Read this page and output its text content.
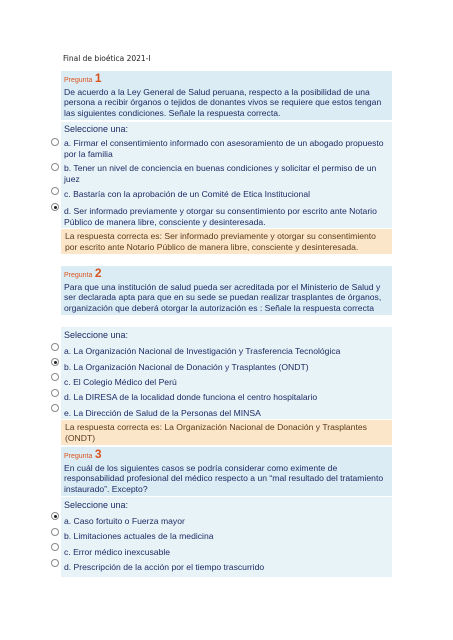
Final de bioética 2021-I
Pregunta 1
De acuerdo a la Ley General de Salud peruana, respecto a la posibilidad de una persona a recibir órganos o tejidos de donantes vivos se requiere que estos tengan las siguientes condiciones. Señale la respuesta correcta.
Seleccione una:
a. Firmar el consentimiento informado con asesoramiento de un abogado propuesto por la familia
b. Tener un nivel de conciencia en buenas condiciones y solicitar el permiso de un juez
c. Bastaría con la aprobación de un Comité de Etica Institucional
d. Ser informado previamente y otorgar su consentimiento por escrito ante Notario Público de manera libre, consciente y desinteresada.
La respuesta correcta es: Ser informado previamente y otorgar su consentimiento por escrito ante Notario Público de manera libre, consciente y desinteresada.
Pregunta 2
Para que una institución de salud pueda ser acreditada por el Ministerio de Salud y ser declarada apta para que en su sede se puedan realizar trasplantes de órganos, organización que deberá otorgar la autorización es : Señale la respuesta correcta
Seleccione una:
a. La Organización Nacional de Investigación y Trasferencia Tecnológica
b. La Organización Nacional de Donación y Trasplantes (ONDT)
c. El Colegio Médico del Perú
d. La DIRESA de la localidad donde funciona el centro hospitalario
e. La Dirección de Salud de la Personas del MINSA
La respuesta correcta es: La Organización Nacional de Donación y Trasplantes (ONDT)
Pregunta 3
En cuál de los siguientes casos se podría considerar como eximente de responsabilidad profesional del médico respecto a un “mal resultado del tratamiento instaurado”. Excepto?
Seleccione una:
a. Caso fortuito o Fuerza mayor
b. Limitaciones actuales de la medicina
c. Error médico inexcusable
d. Prescripción de la acción por el tiempo trascurrido
